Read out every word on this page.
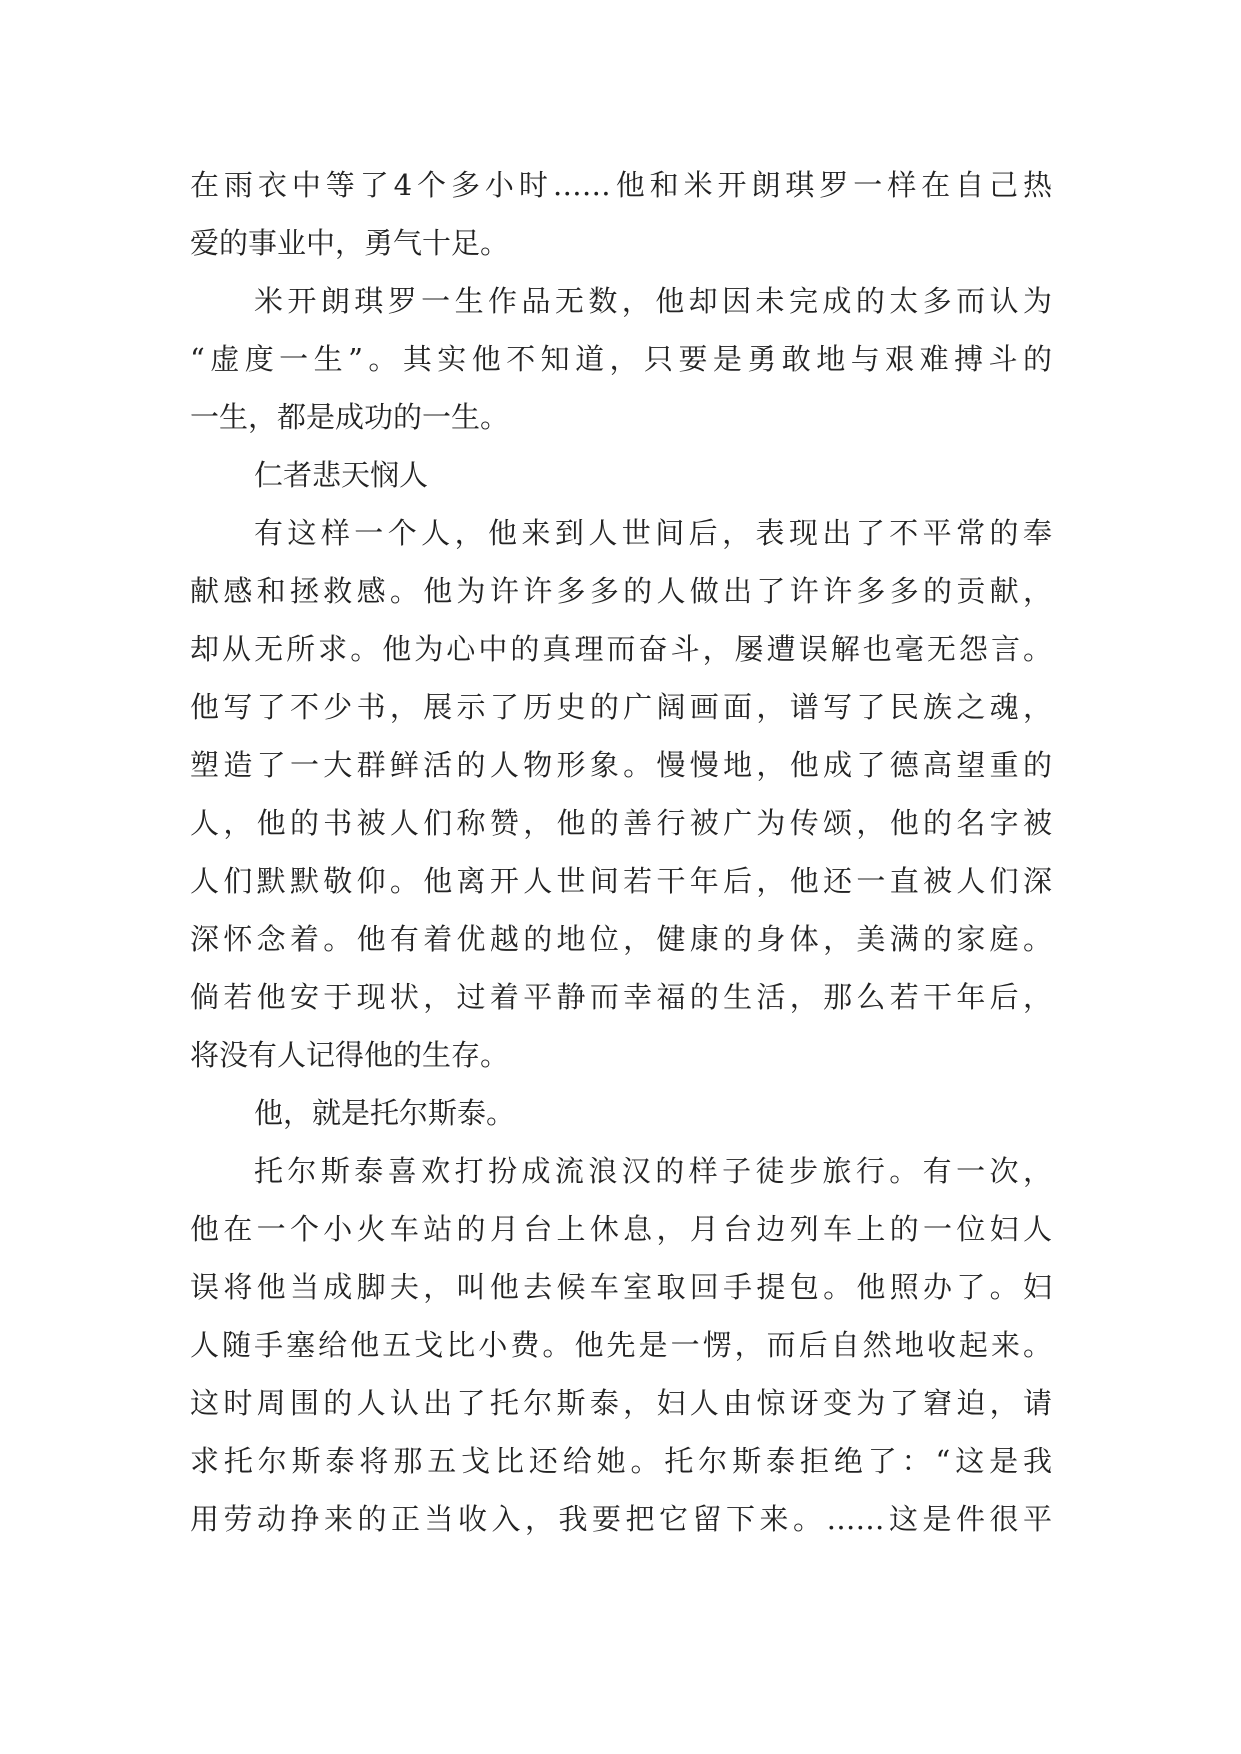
在雨衣中等了4个多小时……他和米开朗琪罗一样在自己热
爱的事业中，勇气十足。
米开朗琪罗一生作品无数，他却因未完成的太多而认为
“虚度一生”。其实他不知道，只要是勇敢地与艰难搏斗的
一生，都是成功的一生。
仁者悲天悯人
有这样一个人，他来到人世间后，表现出了不平常的奉
献感和拯救感。他为许许多多的人做出了许许多多的贡献，
却从无所求。他为心中的真理而奋斗，屡遭误解也毫无怨言。
他写了不少书，展示了历史的广阔画面，谱写了民族之魂，
塑造了一大群鲜活的人物形象。慢慢地，他成了德高望重的
人，他的书被人们称赞，他的善行被广为传颂，他的名字被
人们默默敬仰。他离开人世间若干年后，他还一直被人们深
深怀念着。他有着优越的地位，健康的身体，美满的家庭。
倘若他安于现状，过着平静而幸福的生活，那么若干年后，
将没有人记得他的生存。
他，就是托尔斯泰。
托尔斯泰喜欢打扮成流浪汉的样子徒步旅行。有一次，
他在一个小火车站的月台上休息，月台边列车上的一位妇人
误将他当成脚夫，叫他去候车室取回手提包。他照办了。妇
人随手塞给他五戈比小费。他先是一愣，而后自然地收起来。
这时周围的人认出了托尔斯泰，妇人由惊讶变为了窘迫，请
求托尔斯泰将那五戈比还给她。托尔斯泰拒绝了：“这是我
用劳动挣来的正当收入，我要把它留下来。……这是件很平
